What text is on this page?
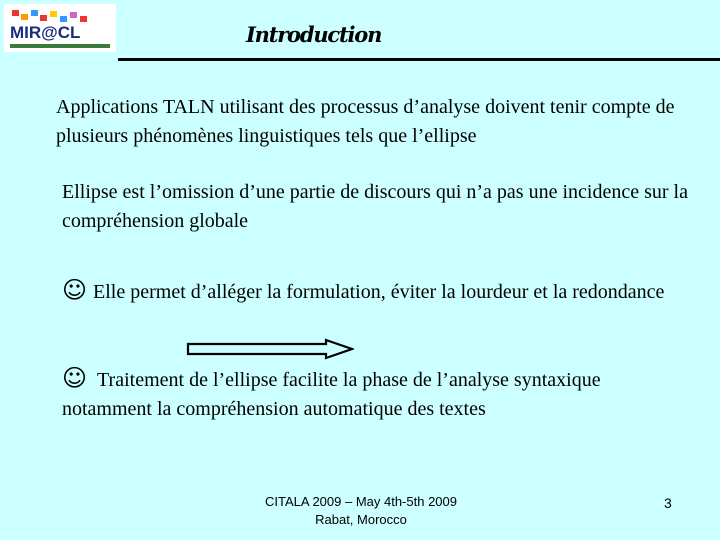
MIR@CL	Introduction

Applications TALN utilisant des processus d’analyse doivent tenir compte de plusieurs phénomènes linguistiques tels que l’ellipse

Ellipse est l’omission d’une partie de discours qui n’a pas une incidence sur la compréhension globale

☺ Elle permet d’alléger la formulation, éviter la lourdeur et la redondance

☺ Traitement de l’ellipse facilite la phase de l’analyse syntaxique notamment la compréhension automatique des textes

CITALA 2009 – May 4th-5th 2009
Rabat, Morocco
3
